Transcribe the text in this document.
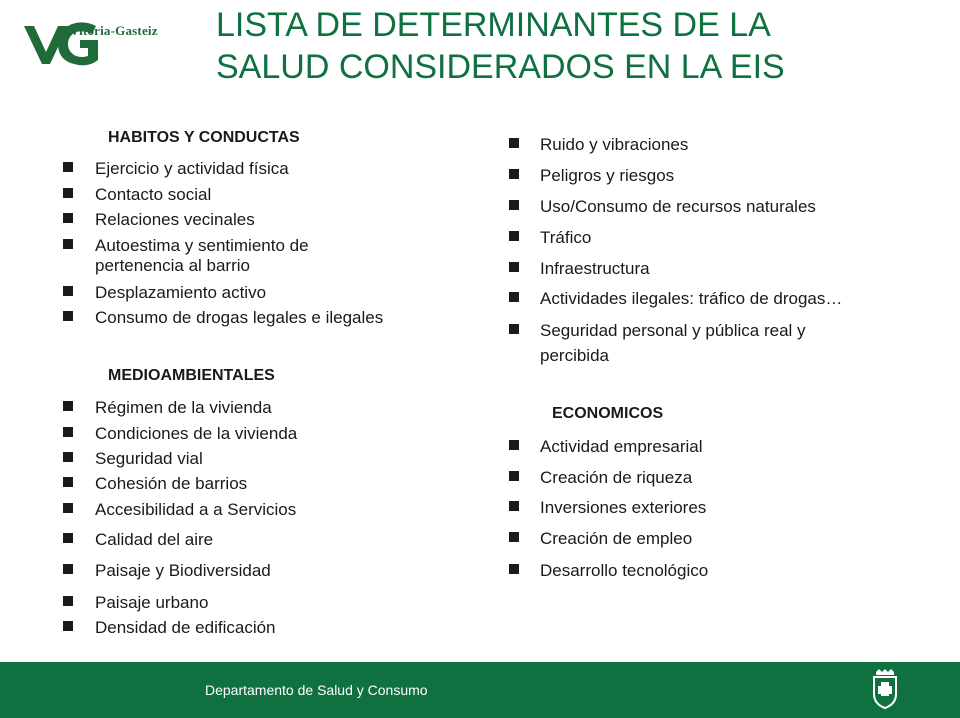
Vitoria-Gasteiz LISTA DE DETERMINANTES DE LA
SALUD CONSIDERADOS EN LA EIS
HABITOS Y CONDUCTAS
Ejercicio y actividad física
Contacto social
Relaciones vecinales
Autoestima y sentimiento de
pertenencia al barrio
Desplazamiento activo
Consumo de drogas legales e ilegales
MEDIOAMBIENTALES
Régimen de la vivienda
Condiciones de la vivienda
Seguridad vial
Cohesión de barrios
Accesibilidad a a Servicios
Calidad del aire
Paisaje y Biodiversidad
Paisaje urbano
Densidad de edificación
Ruido y vibraciones
Peligros y riesgos
Uso/Consumo de recursos naturales
Tráfico
Infraestructura
Actividades ilegales: tráfico de drogas…
Seguridad personal y pública real y
percibida
ECONOMICOS
Actividad empresarial
Creación de riqueza
Inversiones exteriores
Creación de empleo
Desarrollo tecnológico
Departamento de Salud y Consumo
